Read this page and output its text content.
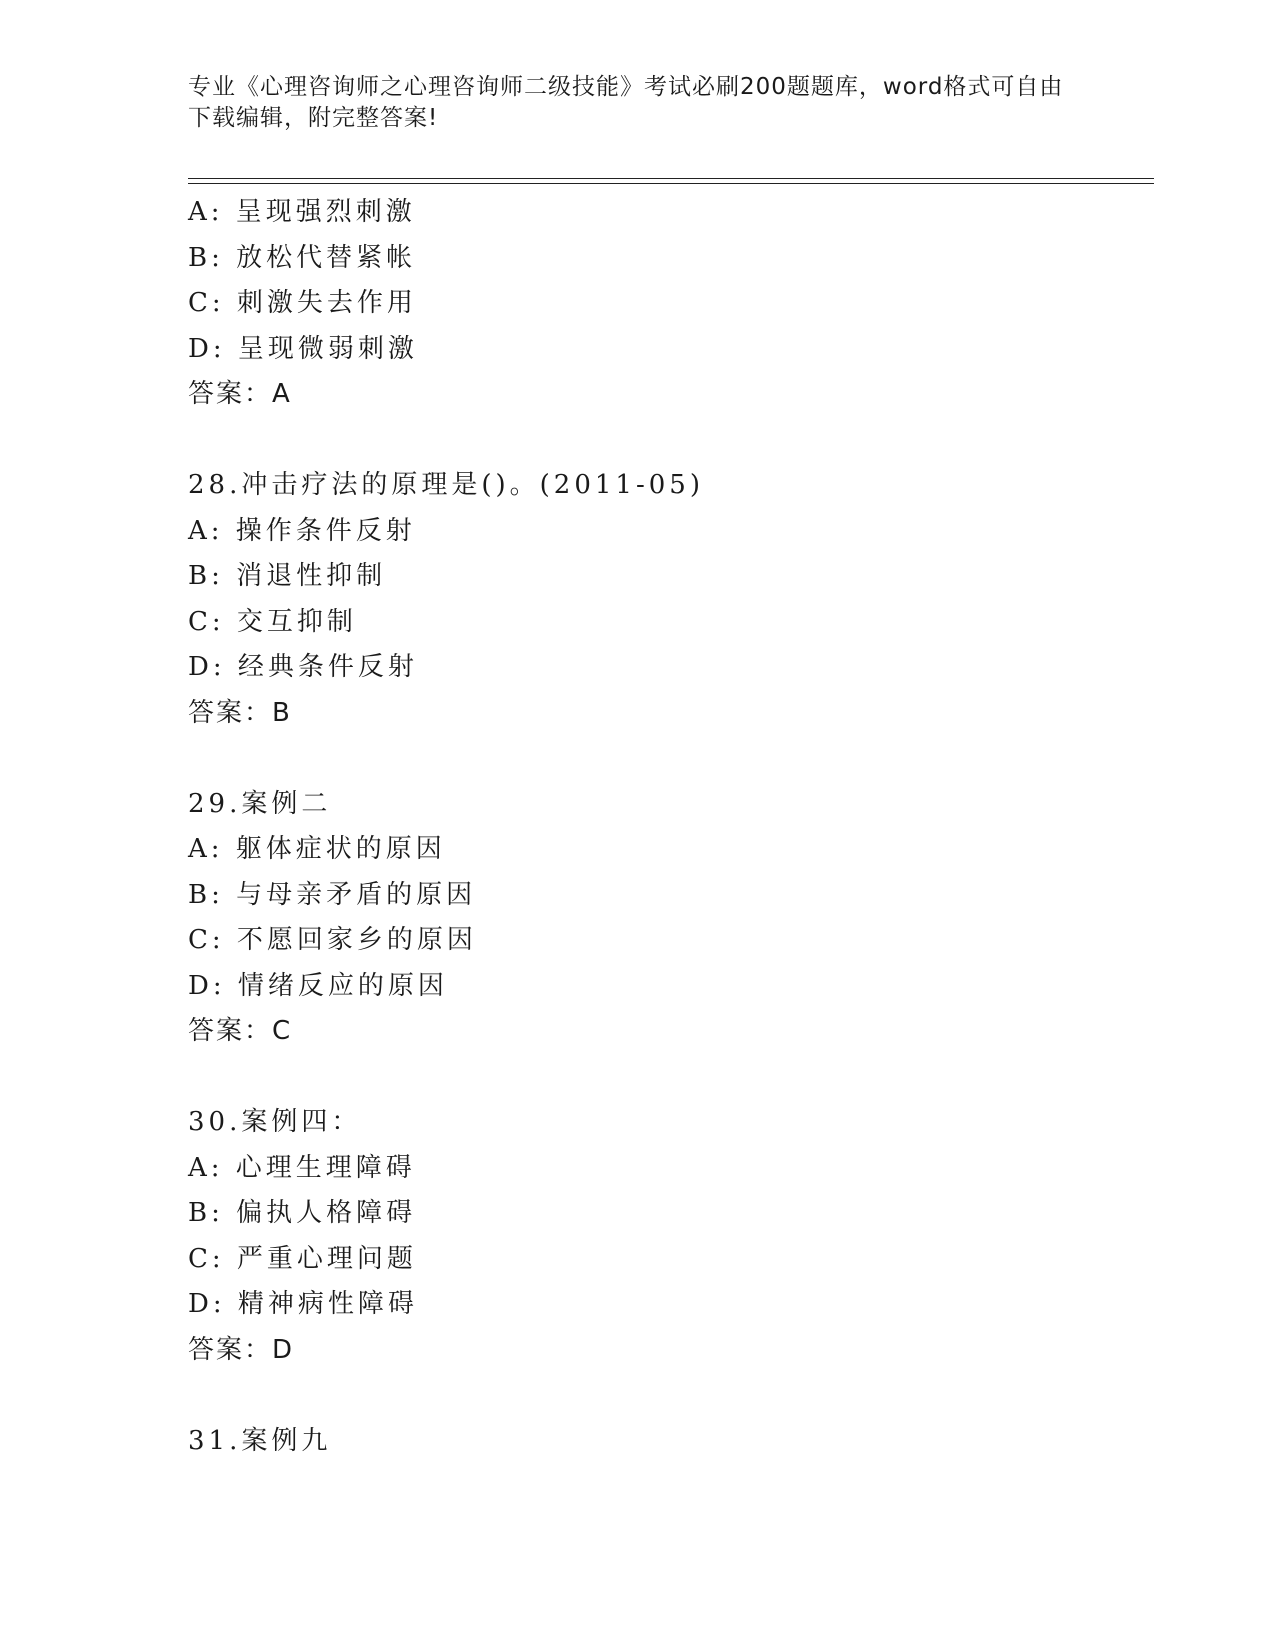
专业《心理咨询师之心理咨询师二级技能》考试必刷200题题库，word格式可自由下载编辑，附完整答案!
A: 呈现强烈刺激
B: 放松代替紧帐
C: 刺激失去作用
D: 呈现微弱刺激
答案：A
28.冲击疗法的原理是()。(2011-05)
A: 操作条件反射
B: 消退性抑制
C: 交互抑制
D: 经典条件反射
答案：B
29.案例二
A: 躯体症状的原因
B: 与母亲矛盾的原因
C: 不愿回家乡的原因
D: 情绪反应的原因
答案：C
30.案例四：
A: 心理生理障碍
B: 偏执人格障碍
C: 严重心理问题
D: 精神病性障碍
答案：D
31.案例九
